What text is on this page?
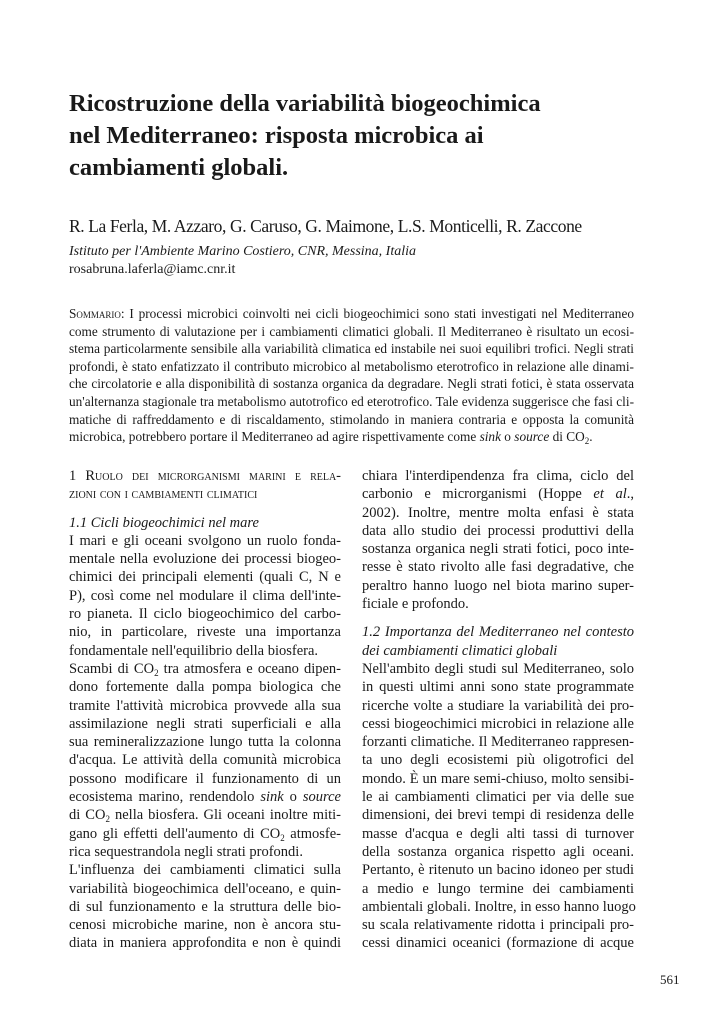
Ricostruzione della variabilità biogeochimica
nel Mediterraneo: risposta microbica ai
cambiamenti globali.
R. La Ferla, M. Azzaro, G. Caruso, G. Maimone, L.S. Monticelli, R. Zaccone
Istituto per l'Ambiente Marino Costiero, CNR, Messina, Italia
rosabruna.laferla@iamc.cnr.it
Sommario: I processi microbici coinvolti nei cicli biogeochimici sono stati investigati nel Mediterraneo
come strumento di valutazione per i cambiamenti climatici globali. Il Mediterraneo è risultato un ecosi-
stema particolarmente sensibile alla variabilità climatica ed instabile nei suoi equilibri trofici. Negli strati
profondi, è stato enfatizzato il contributo microbico al metabolismo eterotrofico in relazione alle dinami-
che circolatorie e alla disponibilità di sostanza organica da degradare. Negli strati fotici, è stata osservata
un'alternanza stagionale tra metabolismo autotrofico ed eterotrofico. Tale evidenza suggerisce che fasi cli-
matiche di raffreddamento e di riscaldamento, stimolando in maniera contraria e opposta la comunità
microbica, potrebbero portare il Mediterraneo ad agire rispettivamente come sink o source di $CO_2$.
1 Ruolo dei microrganismi marini e rela-
zioni con i cambiamenti climatici
1.1 Cicli biogeochimici nel mare
I mari e gli oceani svolgono un ruolo fonda-
mentale nella evoluzione dei processi biogeo-
chimici dei principali elementi (quali C, N e
P), così come nel modulare il clima dell'inte-
ro pianeta. Il ciclo biogeochimico del carbo-
nio, in particolare, riveste una importanza
fondamentale nell'equilibrio della biosfera.
Scambi di $CO_2$ tra atmosfera e oceano dipen-
dono fortemente dalla pompa biologica che
tramite l'attività microbica provvede alla sua
assimilazione negli strati superficiali e alla
sua remineralizzazione lungo tutta la colonna
d'acqua. Le attività della comunità microbica
possono modificare il funzionamento di un
ecosistema marino, rendendolo sink o source
di $CO_2$ nella biosfera. Gli oceani inoltre miti-
gano gli effetti dell'aumento di $CO_2$ atmosfe-
rica sequestrandola negli strati profondi.
L'influenza dei cambiamenti climatici sulla
variabilità biogeochimica dell'oceano, e quin-
di sul funzionamento e la struttura delle bio-
cenosi microbiche marine, non è ancora stu-
diata in maniera approfondita e non è quindi
chiara l'interdipendenza fra clima, ciclo del
carbonio e microrganismi (Hoppe et al.,
2002). Inoltre, mentre molta enfasi è stata
data allo studio dei processi produttivi della
sostanza organica negli strati fotici, poco inte-
resse è stato rivolto alle fasi degradative, che
peraltro hanno luogo nel biota marino super-
ficiale e profondo.
1.2 Importanza del Mediterraneo nel contesto
dei cambiamenti climatici globali
Nell'ambito degli studi sul Mediterraneo, solo
in questi ultimi anni sono state programmate
ricerche volte a studiare la variabilità dei pro-
cessi biogeochimici microbici in relazione alle
forzanti climatiche. Il Mediterraneo rappresen-
ta uno degli ecosistemi più oligotrofici del
mondo. È un mare semi-chiuso, molto sensibi-
le ai cambiamenti climatici per via delle sue
dimensioni, dei brevi tempi di residenza delle
masse d'acqua e degli alti tassi di turnover
della sostanza organica rispetto agli oceani.
Pertanto, è ritenuto un bacino idoneo per studi
a medio e lungo termine dei cambiamenti
ambientali globali. Inoltre, in esso hanno luogo
su scala relativamente ridotta i principali pro-
cessi dinamici oceanici (formazione di acque
561
